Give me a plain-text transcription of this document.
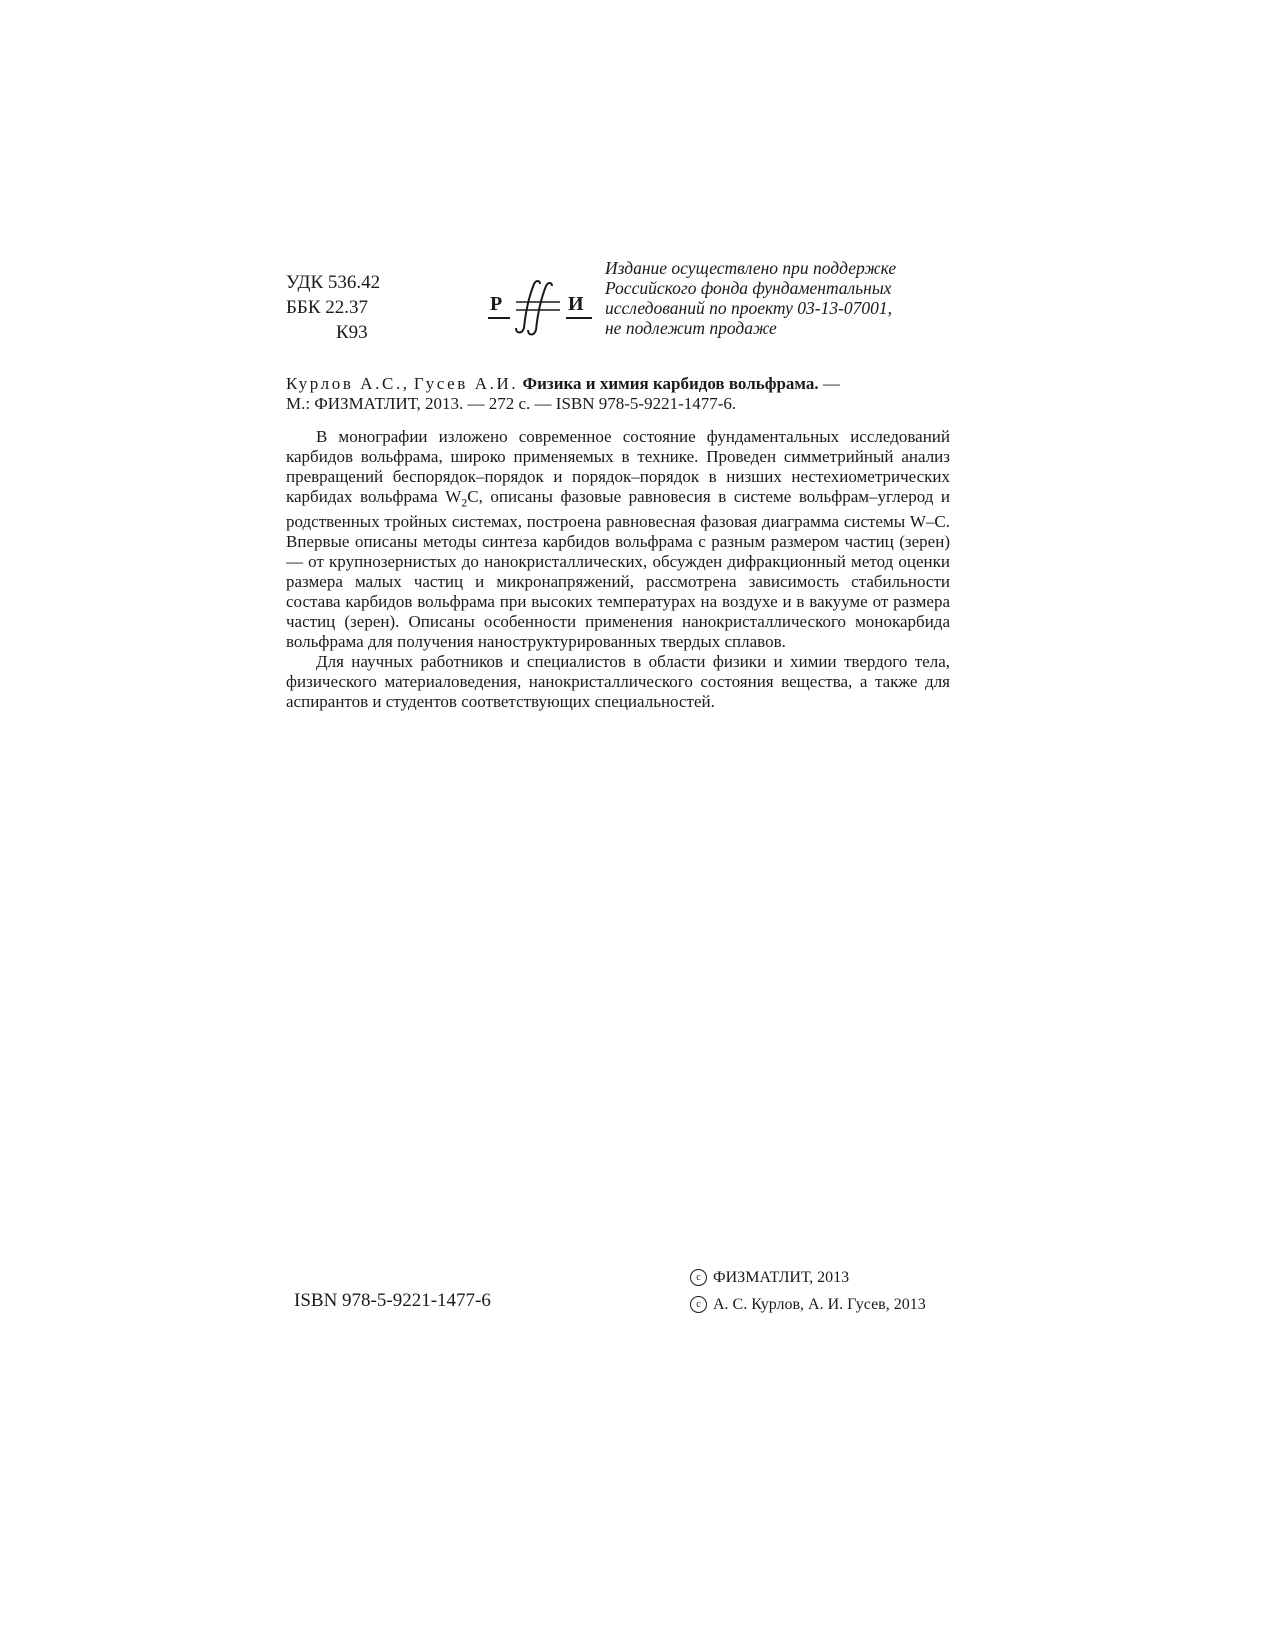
УДК 536.42
ББК 22.37
К93
Р	И
Издание осуществлено при поддержке
Российского фонда фундаментальных
исследований по проекту 03-13-07001,
не подлежит продаже
Курлов А.С., Гусев А.И. Физика и химия карбидов вольфрама. —
М.: ФИЗМАТЛИТ, 2013. — 272 с. — ISBN 978-5-9221-1477-6.

В монографии изложено современное состояние фундаментальных исследований карбидов вольфрама, широко применяемых в технике. Проведен симметрийный анализ превращений беспорядок–порядок и порядок–порядок в низших нестехиометрических карбидах вольфрама $W_2C$, описаны фазовые равновесия в системе вольфрам–углерод и родственных тройных системах, построена равновесная фазовая диаграмма системы W–C. Впервые описаны методы синтеза карбидов вольфрама с разным размером частиц (зерен) — от крупнозернистых до нанокристаллических, обсужден дифракционный метод оценки размера малых частиц и микронапряжений, рассмотрена зависимость стабильности состава карбидов вольфрама при высоких температурах на воздухе и в вакууме от размера частиц (зерен). Описаны особенности применения нанокристаллического монокарбида вольфрама для получения наноструктурированных твердых сплавов.

Для научных работников и специалистов в области физики и химии твердого тела, физического материаловедения, нанокристаллического состояния вещества, а также для аспирантов и студентов соответствующих специальностей.

ISBN 978-5-9221-1477-6
c ФИЗМАТЛИТ, 2013
c А. С. Курлов, А. И. Гусев, 2013
